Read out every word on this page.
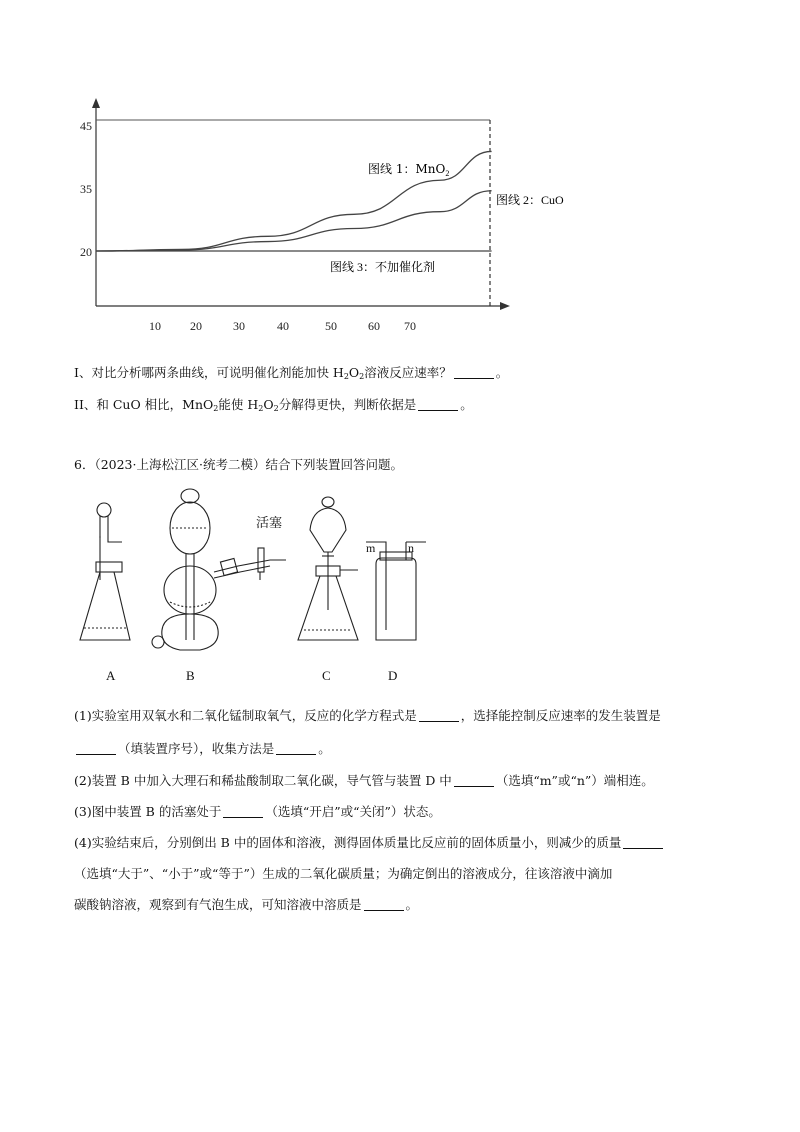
10 20	30	40	50	60 70
20
35
45
图线 1：MnO$_2$
图线 2：CuO
图线 3：不加催化剂
I、对比分析哪两条曲线，可说明催化剂能加快 $H_2O_2$溶液反应速率？	。
II、和 CuO 相比，MnO$_2$能使 $H_2O_2$分解得更快，判断依据是	。
6．（2023·上海松江区·统考二模）结合下列装置回答问题。
活塞
m	n
A	B	C	D
(1)实验室用双氧水和二氧化锰制取氧气，反应的化学方程式是	，选择能控制反应速率的发生装置是
（填装置序号），收集方法是	。
(2)装置 B 中加入大理石和稀盐酸制取二氧化碳，导气管与装置 D 中	（选填“m”或“n”）端相连。
(3)图中装置 B 的活塞处于	（选填“开启”或“关闭”）状态。
(4)实验结束后，分别倒出 B 中的固体和溶液，测得固体质量比反应前的固体质量小，则减少的质量
（选填“大于”、“小于”或“等于”）生成的二氧化碳质量；为确定倒出的溶液成分，往该溶液中滴加
碳酸钠溶液，观察到有气泡生成，可知溶液中溶质是	。
